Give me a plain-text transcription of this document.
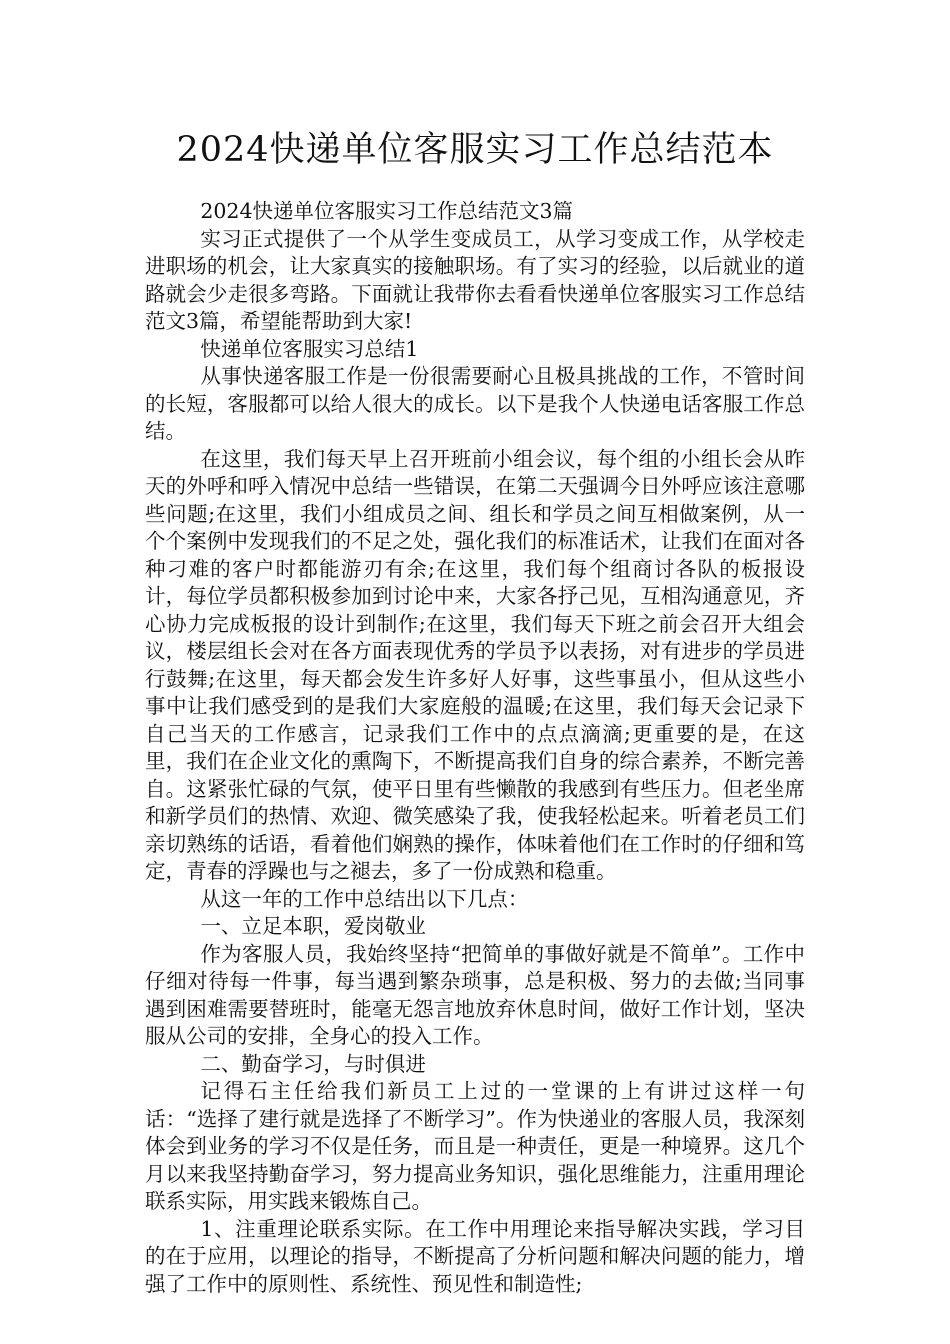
2024快递单位客服实习工作总结范本

2024快递单位客服实习工作总结范文3篇

实习正式提供了一个从学生变成员工，从学习变成工作，从学校走进职场的机会，让大家真实的接触职场。有了实习的经验，以后就业的道路就会少走很多弯路。下面就让我带你去看看快递单位客服实习工作总结范文3篇，希望能帮助到大家!

快递单位客服实习总结1

从事快递客服工作是一份很需要耐心且极具挑战的工作，不管时间的长短，客服都可以给人很大的成长。以下是我个人快递电话客服工作总结。

在这里，我们每天早上召开班前小组会议，每个组的小组长会从昨天的外呼和呼入情况中总结一些错误，在第二天强调今日外呼应该注意哪些问题;在这里，我们小组成员之间、组长和学员之间互相做案例，从一个个案例中发现我们的不足之处，强化我们的标准话术，让我们在面对各种刁难的客户时都能游刃有余;在这里，我们每个组商讨各队的板报设计，每位学员都积极参加到讨论中来，大家各抒己见，互相沟通意见，齐心协力完成板报的设计到制作;在这里，我们每天下班之前会召开大组会议，楼层组长会对在各方面表现优秀的学员予以表扬，对有进步的学员进行鼓舞;在这里，每天都会发生许多好人好事，这些事虽小，但从这些小事中让我们感受到的是我们大家庭般的温暖;在这里，我们每天会记录下自己当天的工作感言，记录我们工作中的点点滴滴;更重要的是，在这里，我们在企业文化的熏陶下，不断提高我们自身的综合素养，不断完善自。这紧张忙碌的气氛，使平日里有些懒散的我感到有些压力。但老坐席和新学员们的热情、欢迎、微笑感染了我，使我轻松起来。听着老员工们亲切熟练的话语，看着他们娴熟的操作，体味着他们在工作时的仔细和笃定，青春的浮躁也与之褪去，多了一份成熟和稳重。

从这一年的工作中总结出以下几点：

一、立足本职，爱岗敬业

作为客服人员，我始终坚持“把简单的事做好就是不简单”。工作中仔细对待每一件事，每当遇到繁杂琐事，总是积极、努力的去做;当同事遇到困难需要替班时，能毫无怨言地放弃休息时间，做好工作计划，坚决服从公司的安排，全身心的投入工作。

二、勤奋学习，与时俱进

记得石主任给我们新员工上过的一堂课的上有讲过这样一句话：“选择了建行就是选择了不断学习”。作为快递业的客服人员，我深刻体会到业务的学习不仅是任务，而且是一种责任，更是一种境界。这几个月以来我坚持勤奋学习，努力提高业务知识，强化思维能力，注重用理论联系实际，用实践来锻炼自己。

1、注重理论联系实际。在工作中用理论来指导解决实践，学习目的在于应用，以理论的指导，不断提高了分析问题和解决问题的能力，增强了工作中的原则性、系统性、预见性和制造性;
